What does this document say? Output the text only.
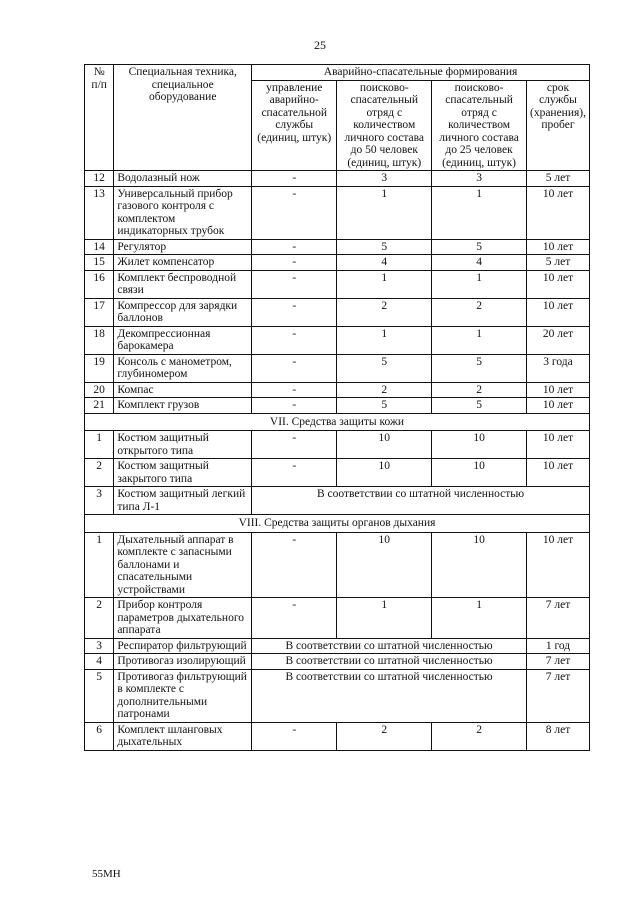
25
№ п/п	Специальная техника, специальное оборудование	Аварийно-спасательные формирования			
		управление аварийно-спасательной службы (единиц, штук)	поисково-спасательный отряд с количеством личного состава до 50 человек (единиц, штук)	поисково-спасательный отряд с количеством личного состава до 25 человек (единиц, штук)	срок службы (хранения), пробег
12	Водолазный нож	-	3	3	5 лет
13	Универсальный прибор газового контроля с комплектом индикаторных трубок	-	1	1	10 лет
14	Регулятор	-	5	5	10 лет
15	Жилет компенсатор	-	4	4	5 лет
16	Комплект беспроводной связи	-	1	1	10 лет
17	Компрессор для зарядки баллонов	-	2	2	10 лет
18	Декомпрессионная барокамера	-	1	1	20 лет
19	Консоль с манометром, глубиномером	-	5	5	3 года
20	Компас	-	2	2	10 лет
21	Комплект грузов	-	5	5	10 лет
VII. Средства защиты кожи					
1	Костюм защитный открытого типа	-	10	10	10 лет
2	Костюм защитный закрытого типа	-	10	10	10 лет
3	Костюм защитный легкий типа Л-1	В соответствии со штатной численностью			
VIII. Средства защиты органов дыхания					
1	Дыхательный аппарат в комплекте с запасными баллонами и спасательными устройствами	-	10	10	10 лет
2	Прибор контроля параметров дыхательного аппарата	-	1	1	7 лет
3	Респиратор фильтрующий	В соответствии со штатной численностью			1 год
4	Противогаз изолирующий	В соответствии со штатной численностью			7 лет
5	Противогаз фильтрующий в комплекте с дополнительными патронами	В соответствии со штатной численностью			7 лет
6	Комплект шланговых дыхательных	-	2	2	8 лет
55МН
